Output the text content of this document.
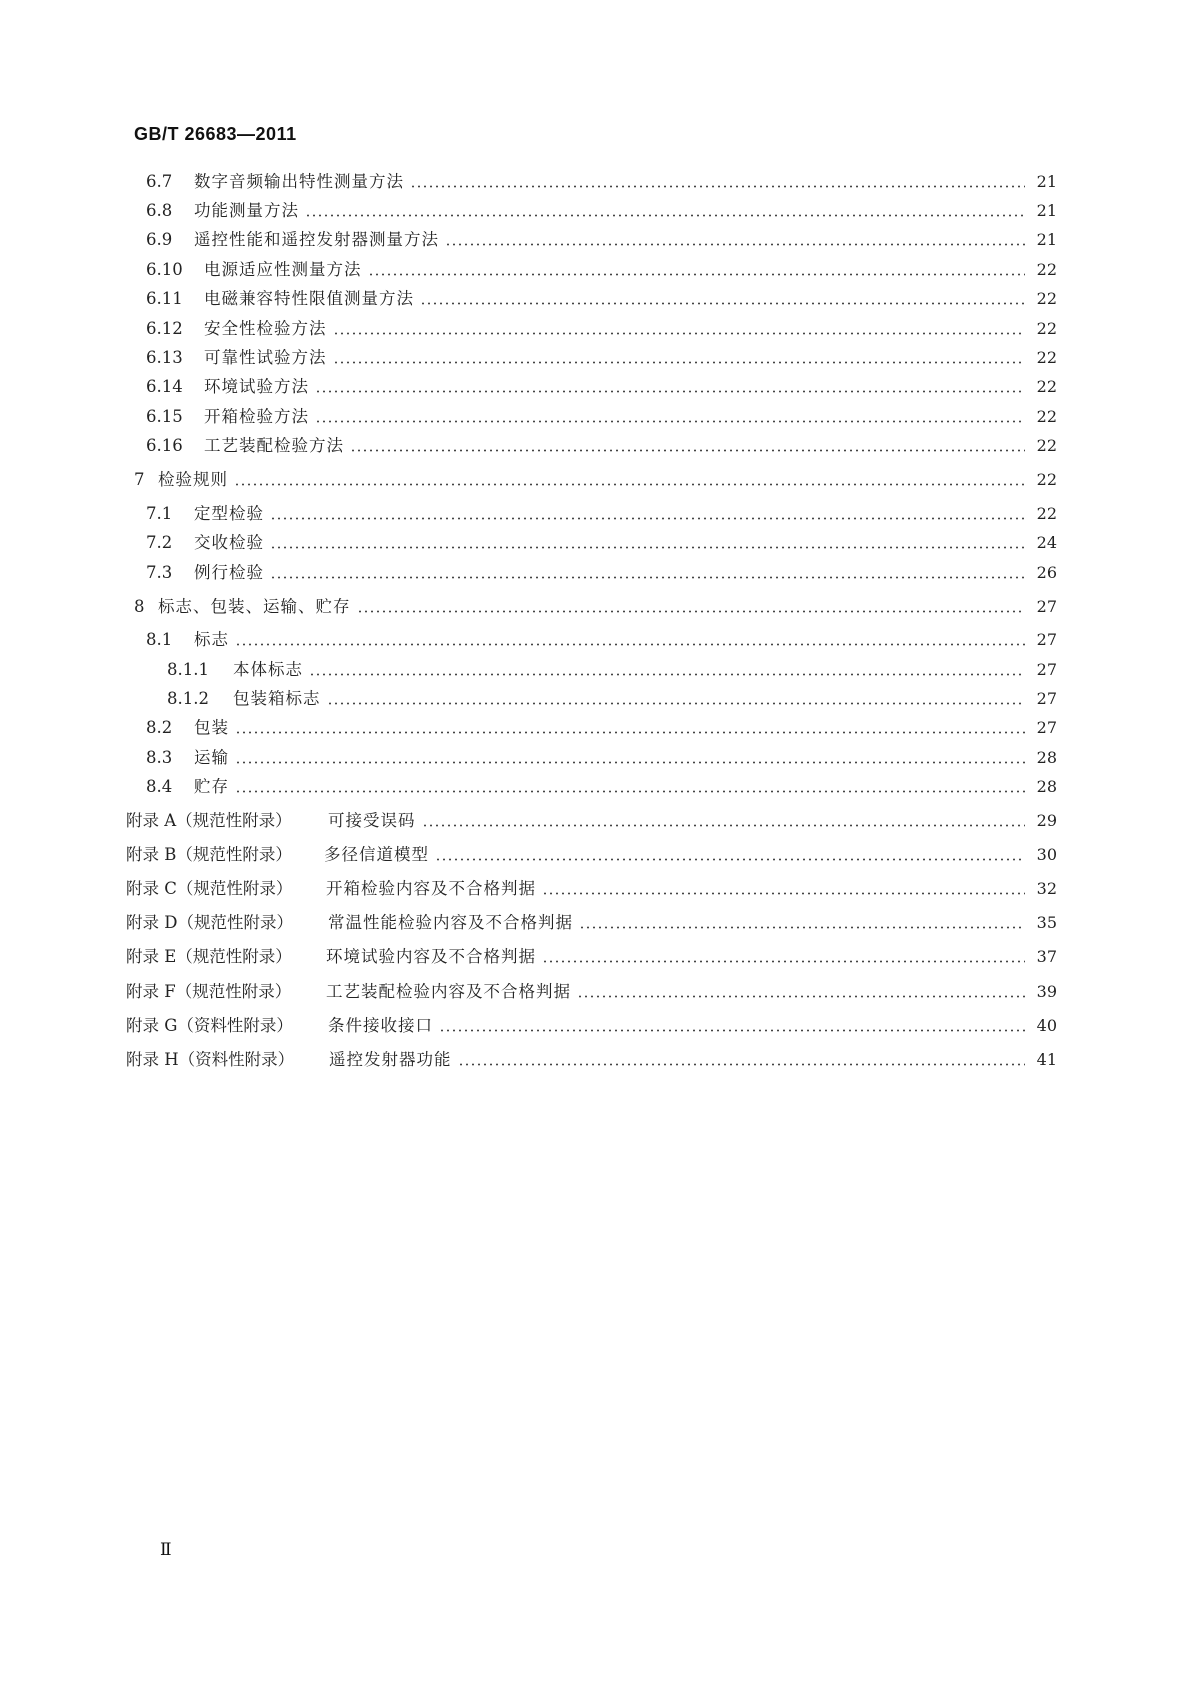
GB/T 26683—2011
6.7	数字音频输出特性测量方法	21
6.8	功能测量方法	21
6.9	遥控性能和遥控发射器测量方法	21
6.10	电源适应性测量方法	22
6.11	电磁兼容特性限值测量方法	22
6.12	安全性检验方法	22
6.13	可靠性试验方法	22
6.14	环境试验方法	22
6.15	开箱检验方法	22
6.16	工艺装配检验方法	22
7 检验规则	22
7.1	定型检验	22
7.2	交收检验	24
7.3	例行检验	26
8 标志、包装、运输、贮存	27
8.1	标志	27
8.1.1	本体标志	27
8.1.2	包装箱标志	27
8.2	包装	27
8.3	运输	28
8.4	贮存	28
附录 A（规范性附录）	可接受误码	29
附录 B（规范性附录）	多径信道模型	30
附录 C（规范性附录）	开箱检验内容及不合格判据	32
附录 D（规范性附录）	常温性能检验内容及不合格判据	35
附录 E（规范性附录）	环境试验内容及不合格判据	37
附录 F（规范性附录）	工艺装配检验内容及不合格判据	39
附录 G（资料性附录）	条件接收接口	40
附录 H（资料性附录）	遥控发射器功能	41
Ⅱ
